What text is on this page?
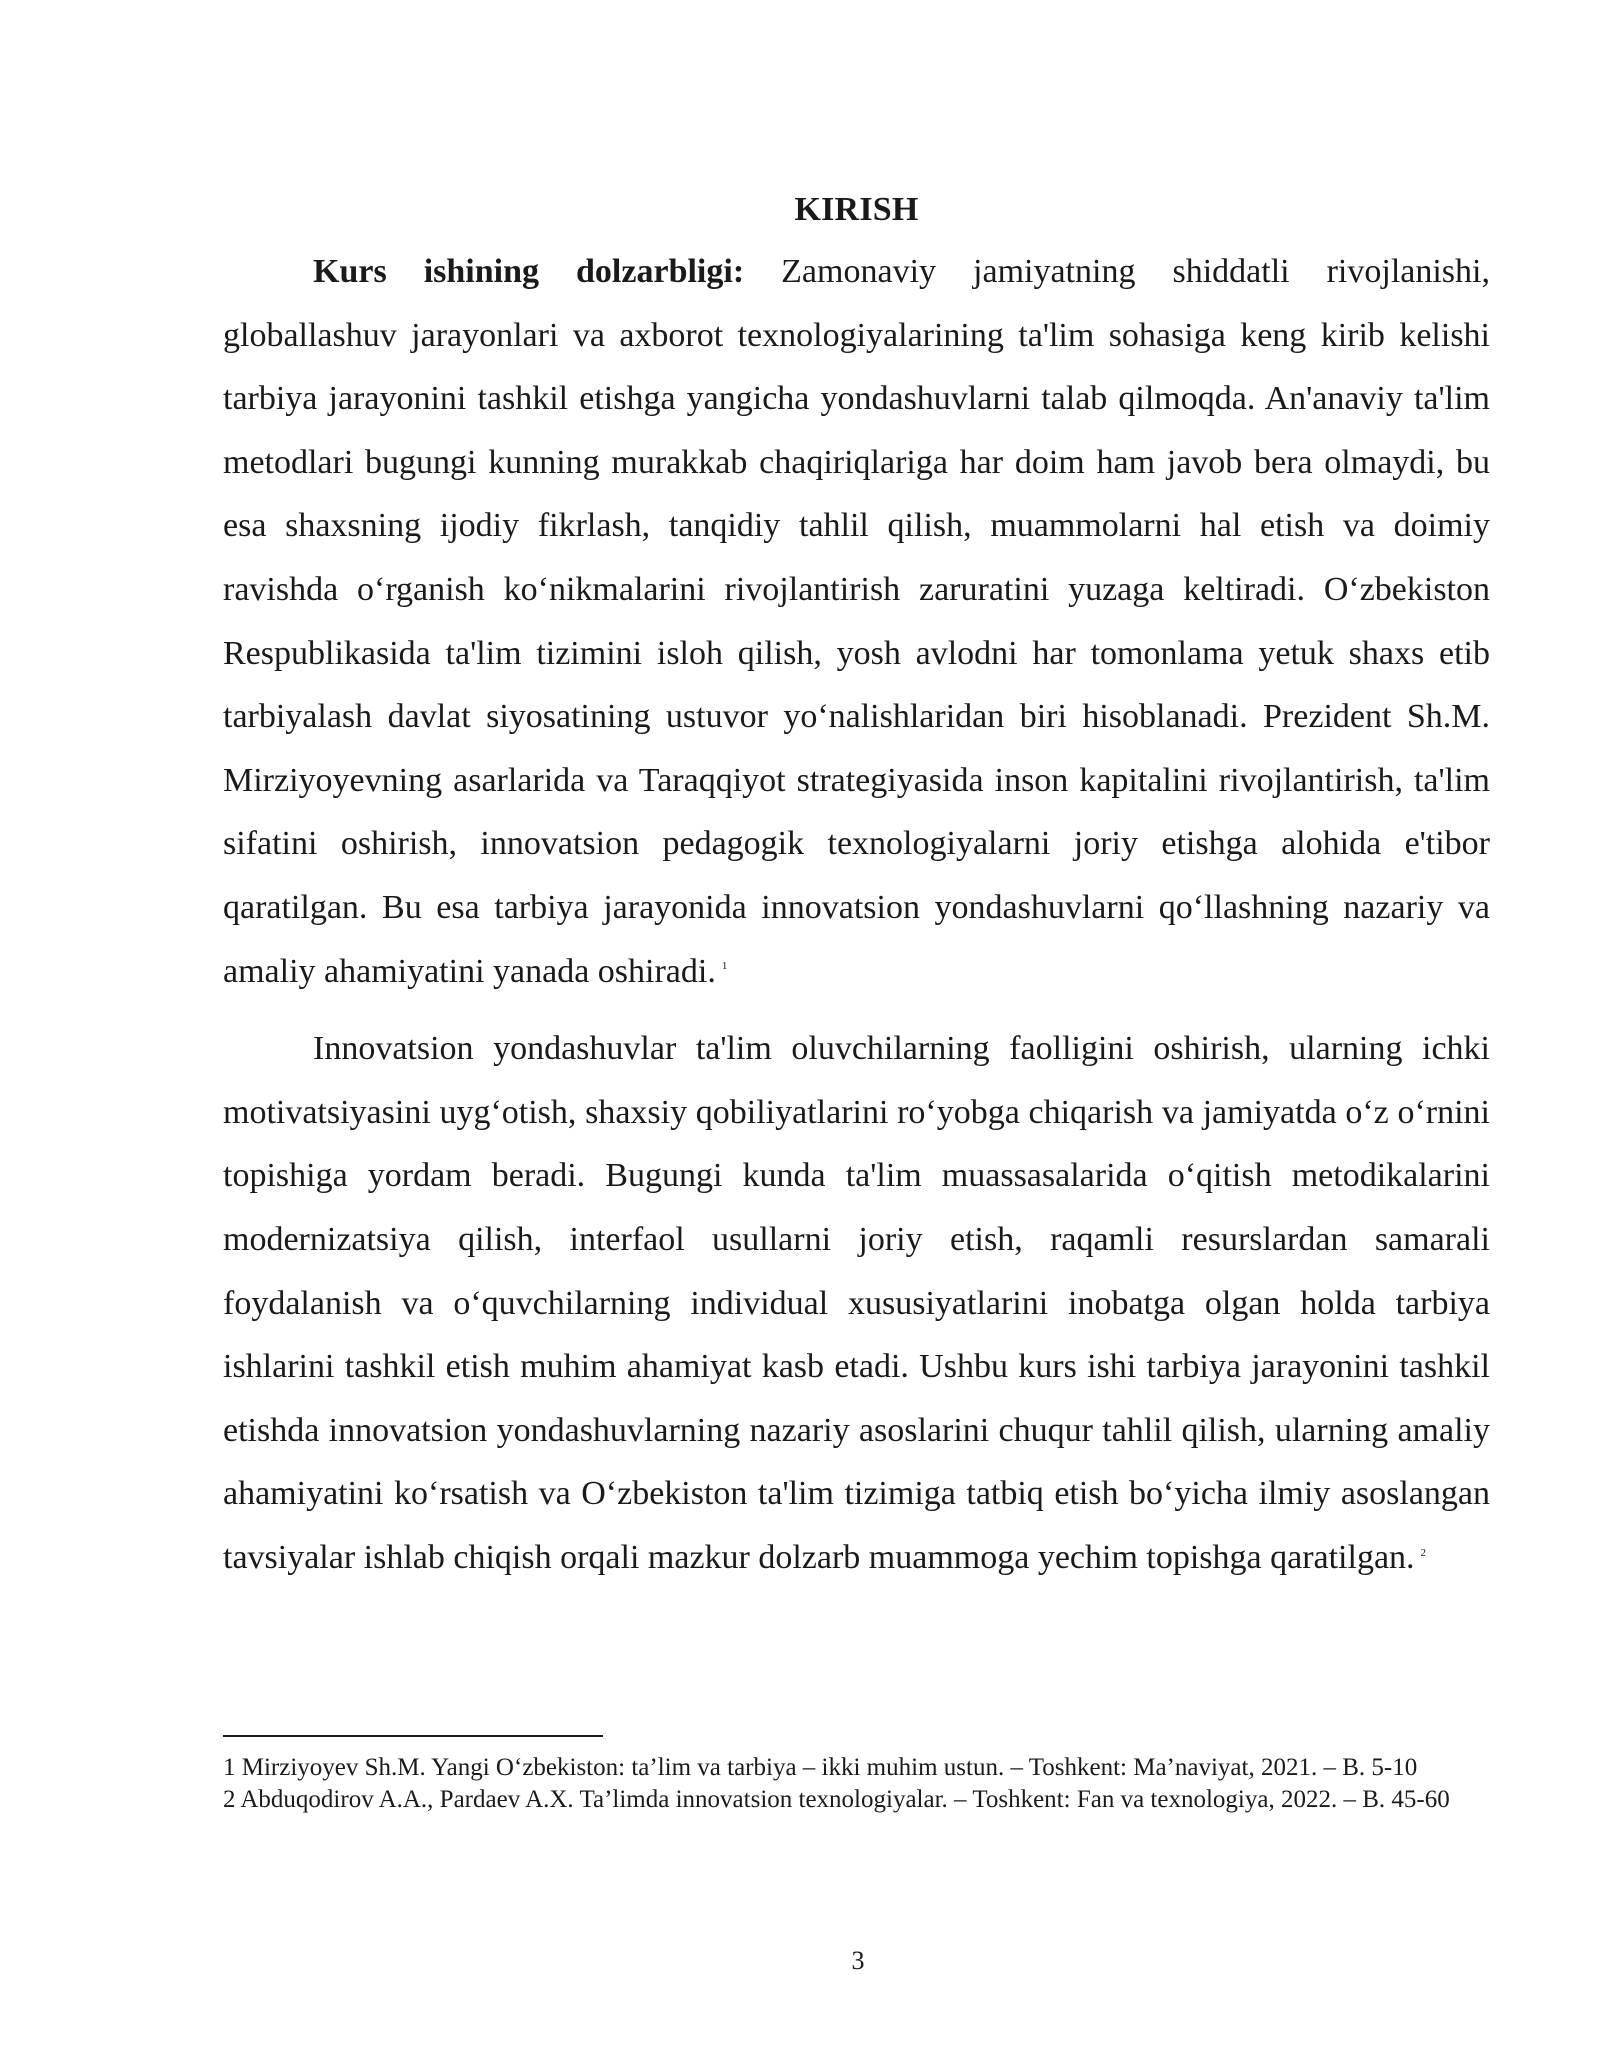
KIRISH

Kurs ishining dolzarbligi: Zamonaviy jamiyatning shiddatli rivojlanishi, globallashuv jarayonlari va axborot texnologiyalarining ta'lim sohasiga keng kirib kelishi tarbiya jarayonini tashkil etishga yangicha yondashuvlarni talab qilmoqda. An'anaviy ta'lim metodlari bugungi kunning murakkab chaqiriqlariga har doim ham javob bera olmaydi, bu esa shaxsning ijodiy fikrlash, tanqidiy tahlil qilish, muammolarni hal etish va doimiy ravishda oʻrganish koʻnikmalarini rivojlantirish zaruratini yuzaga keltiradi. Oʻzbekiston Respublikasida ta'lim tizimini isloh qilish, yosh avlodni har tomonlama yetuk shaxs etib tarbiyalash davlat siyosatining ustuvor yoʻnalishlaridan biri hisoblanadi. Prezident Sh.M. Mirziyoyevning asarlarida va Taraqqiyot strategiyasida inson kapitalini rivojlantirish, ta'lim sifatini oshirish, innovatsion pedagogik texnologiyalarni joriy etishga alohida e'tibor qaratilgan. Bu esa tarbiya jarayonida innovatsion yondashuvlarni qoʻllashning nazariy va amaliy ahamiyatini yanada oshiradi. $^1$

Innovatsion yondashuvlar ta'lim oluvchilarning faolligini oshirish, ularning ichki motivatsiyasini uygʻotish, shaxsiy qobiliyatlarini roʻyobga chiqarish va jamiyatda oʻz oʻrnini topishiga yordam beradi. Bugungi kunda ta'lim muassasalarida oʻqitish metodikalarini modernizatsiya qilish, interfaol usullarni joriy etish, raqamli resurslardan samarali foydalanish va oʻquvchilarning individual xususiyatlarini inobatga olgan holda tarbiya ishlarini tashkil etish muhim ahamiyat kasb etadi. Ushbu kurs ishi tarbiya jarayonini tashkil etishda innovatsion yondashuvlarning nazariy asoslarini chuqur tahlil qilish, ularning amaliy ahamiyatini koʻrsatish va Oʻzbekiston ta'lim tizimiga tatbiq etish boʻyicha ilmiy asoslangan tavsiyalar ishlab chiqish orqali mazkur dolzarb muammoga yechim topishga qaratilgan. $^2$

1 Mirziyoyev Sh.M. Yangi Oʻzbekiston: ta’lim va tarbiya – ikki muhim ustun. – Toshkent: Ma’naviyat, 2021. – B. 5-10

2 Abduqodirov A.A., Pardaev A.X. Ta’limda innovatsion texnologiyalar. – Toshkent: Fan va texnologiya, 2022. – B. 45-60

3
